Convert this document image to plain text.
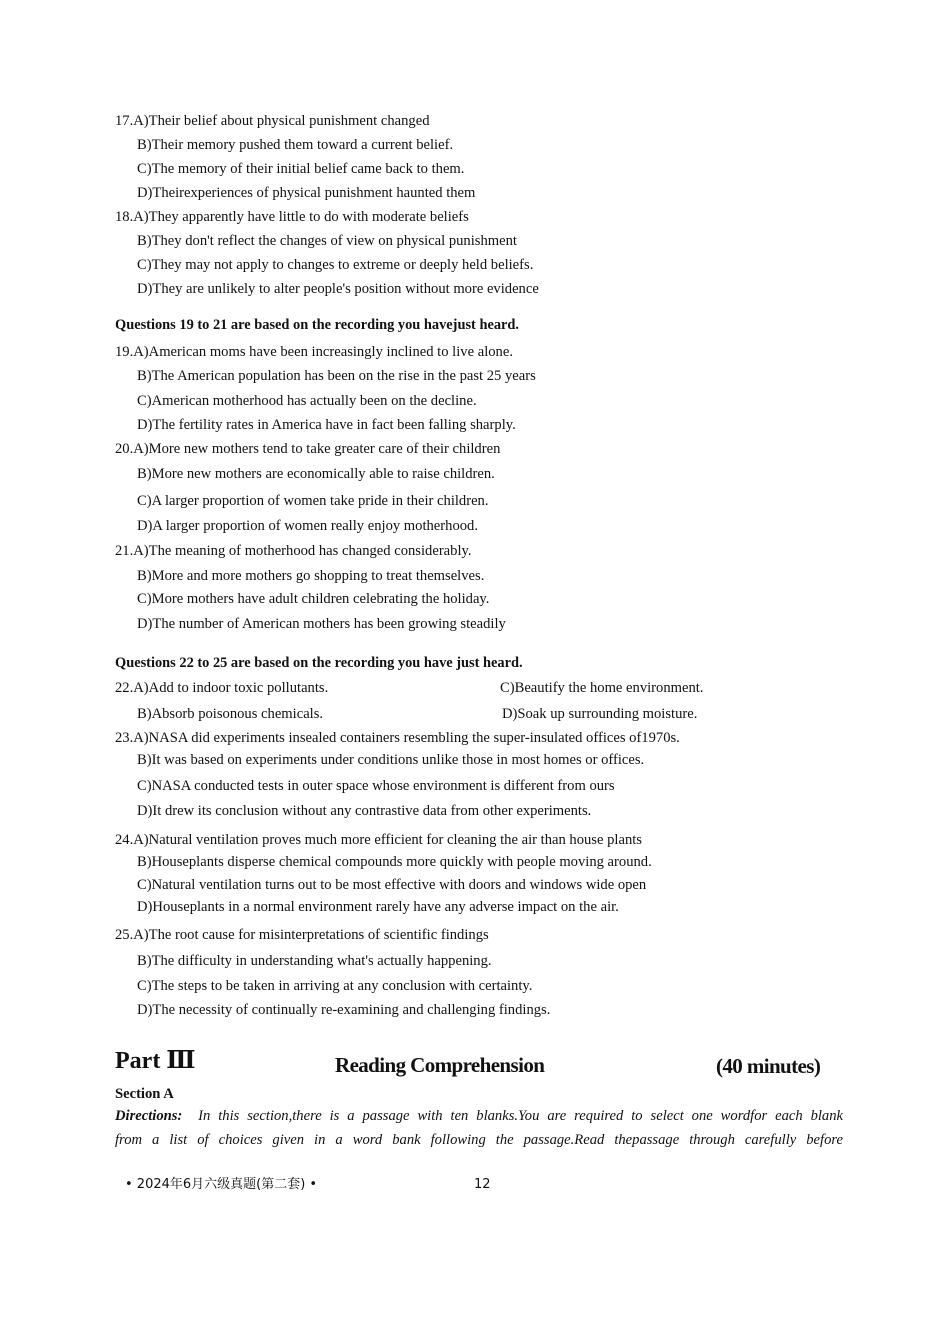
17.A)Their belief about physical punishment changed
B)Their memory pushed them toward a current belief.
C)The memory of their initial belief came back to them.
D)Theirexperiences of physical punishment haunted them
18.A)They apparently have little to do with moderate beliefs
B)They don't reflect the changes of view on physical punishment
C)They may not apply to changes to extreme or deeply held beliefs.
D)They are unlikely to alter people's position without more evidence
Questions 19 to 21 are based on the recording you havejust heard.
19.A)American moms have been increasingly inclined to live alone.
B)The American population has been on the rise in the past 25 years
C)American motherhood has actually been on the decline.
D)The fertility rates in America have in fact been falling sharply.
20.A)More new mothers tend to take greater care of their children
B)More new mothers are economically able to raise children.
C)A larger proportion of women take pride in their children.
D)A larger proportion of women really enjoy motherhood.
21.A)The meaning of motherhood has changed considerably.
B)More and more mothers go shopping to treat themselves.
C)More mothers have adult children celebrating the holiday.
D)The number of American mothers has been growing steadily
Questions 22 to 25 are based on the recording you have just heard.
22.A)Add to indoor toxic pollutants.	C)Beautify the home environment.
B)Absorb poisonous chemicals.	D)Soak up surrounding moisture.
23.A)NASA did experiments insealed containers resembling the super-insulated offices of1970s.
B)It was based on experiments under conditions unlike those in most homes or offices.
C)NASA conducted tests in outer space whose environment is different from ours
D)It drew its conclusion without any contrastive data from other experiments.
24.A)Natural ventilation proves much more efficient for cleaning the air than house plants
B)Houseplants disperse chemical compounds more quickly with people moving around.
C)Natural ventilation turns out to be most effective with doors and windows wide open
D)Houseplants in a normal environment rarely have any adverse impact on the air.
25.A)The root cause for misinterpretations of scientific findings
B)The difficulty in understanding what's actually happening.
C)The steps to be taken in arriving at any conclusion with certainty.
D)The necessity of continually re-examining and challenging findings.
Part Ⅲ	Reading Comprehension	(40 minutes)
Section A
Directions: In this section,there is a passage with ten blanks.You are required to select one wordfor each blank
from a list of choices given in a word bank following the passage.Read thepassage through carefully before
• 2024年6月六级真题(第二套) •	12
